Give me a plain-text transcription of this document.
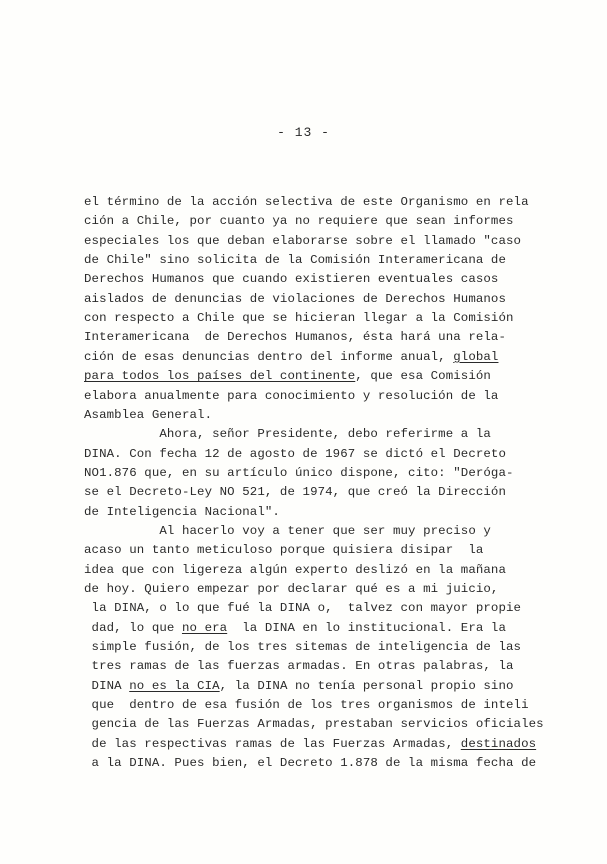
- 13 -
el término de la acción selectiva de este Organismo en rela
ción a Chile, por cuanto ya no requiere que sean informes
especiales los que deban elaborarse sobre el llamado "caso
de Chile" sino solicita de la Comisión Interamericana de
Derechos Humanos que cuando existieren eventuales casos
aislados de denuncias de violaciones de Derechos Humanos
con respecto a Chile que se hicieran llegar a la Comisión
Interamericana  de Derechos Humanos, ésta hará una rela-
ción de esas denuncias dentro del informe anual, global
para todos los países del continente, que esa Comisión
elabora anualmente para conocimiento y resolución de la
Asamblea General.
Ahora, señor Presidente, debo referirme a la
DINA. Con fecha 12 de agosto de 1967 se dictó el Decreto
NO1.876 que, en su artículo único dispone, cito: "Deróga-
se el Decreto-Ley NO 521, de 1974, que creó la Dirección
de Inteligencia Nacional".
Al hacerlo voy a tener que ser muy preciso y
acaso un tanto meticuloso porque quisiera disipar  la
idea que con ligereza algún experto deslizó en la mañana
de hoy. Quiero empezar por declarar qué es a mi juicio,
la DINA, o lo que fué la DINA o,  talvez con mayor propie
dad, lo que no era  la DINA en lo institucional. Era la
simple fusión, de los tres sitemas de inteligencia de las
tres ramas de las fuerzas armadas. En otras palabras, la
DINA no es la CIA, la DINA no tenía personal propio sino
que  dentro de esa fusión de los tres organismos de inteli
gencia de las Fuerzas Armadas, prestaban servicios oficiales
de las respectivas ramas de las Fuerzas Armadas, destinados
a la DINA. Pues bien, el Decreto 1.878 de la misma fecha de
